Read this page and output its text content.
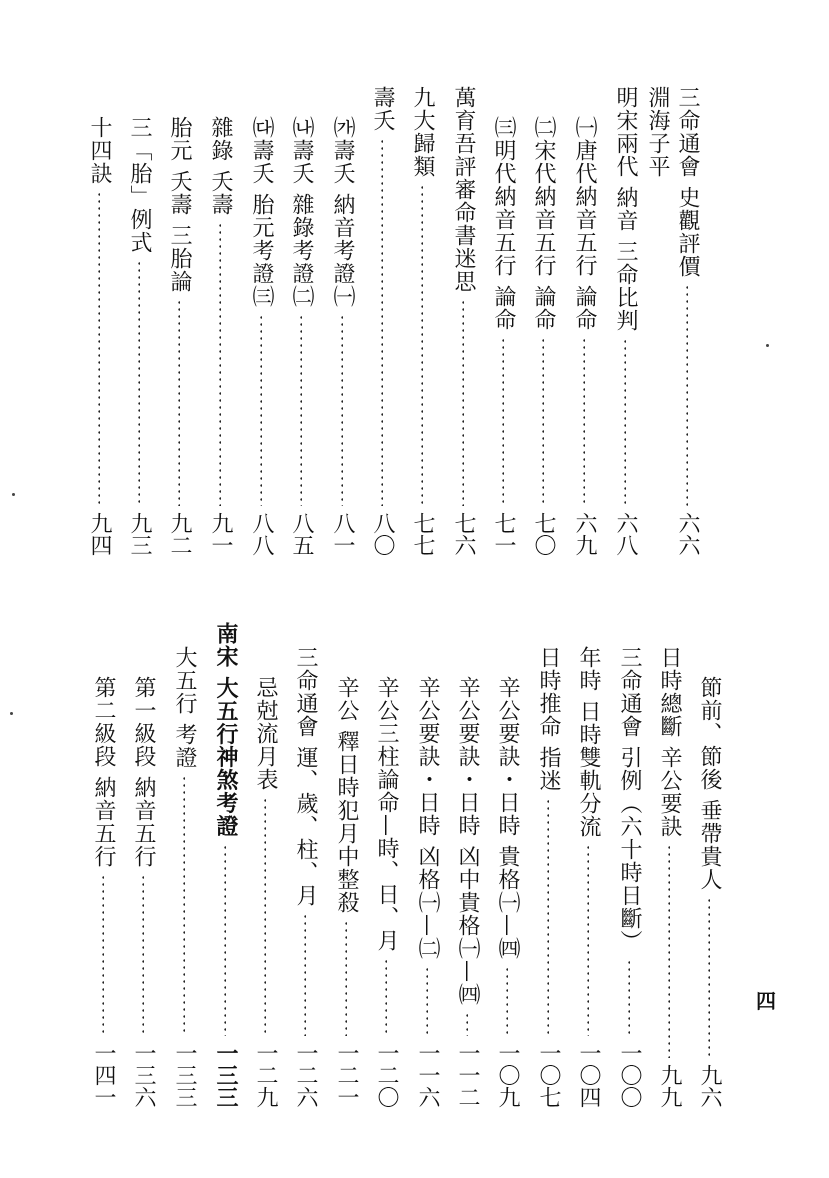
三命通會 史觀評價
六六
淵海子平
明宋兩代 納音 三命比判
六八
㈠唐代納音五行 論命
六九
㈡宋代納音五行 論命
七〇
㈢明代納音五行 論命
七一
萬育吾評審命書迷思
七六
九大歸類
七七
壽夭
八〇
㈎壽夭 納音考證㈠
八一
㈏壽夭 雜錄考證㈡
八五
㈐壽夭 胎元考證㈢
八八
雜錄 夭壽
九一
胎元 夭壽 三胎論
九二
三「胎」例式
九三
十四訣
九四
節前、節後 垂帶貴人
九六
日時總斷 辛公要訣
九九
三命通會 引例（六十時日斷）
一〇〇
年時 日時雙軌分流
一〇四
日時推命 指迷
一〇七
辛公要訣・日時 貴格㈠—㈣
一〇九
辛公要訣・日時 凶中貴格㈠—㈣
一一二
辛公要訣・日時 凶格㈠—㈡
一一六
辛公三柱論命—時、日、月
一二〇
辛公 釋日時犯月中整殺
一二一
三命通會 運、歲、柱、月
一二六
忌尅流月表
一二九
南宋 大五行神煞考證
一三三
大五行 考證
一三三
第一級段 納音五行
一三六
第二級段 納音五行
一四一
四
